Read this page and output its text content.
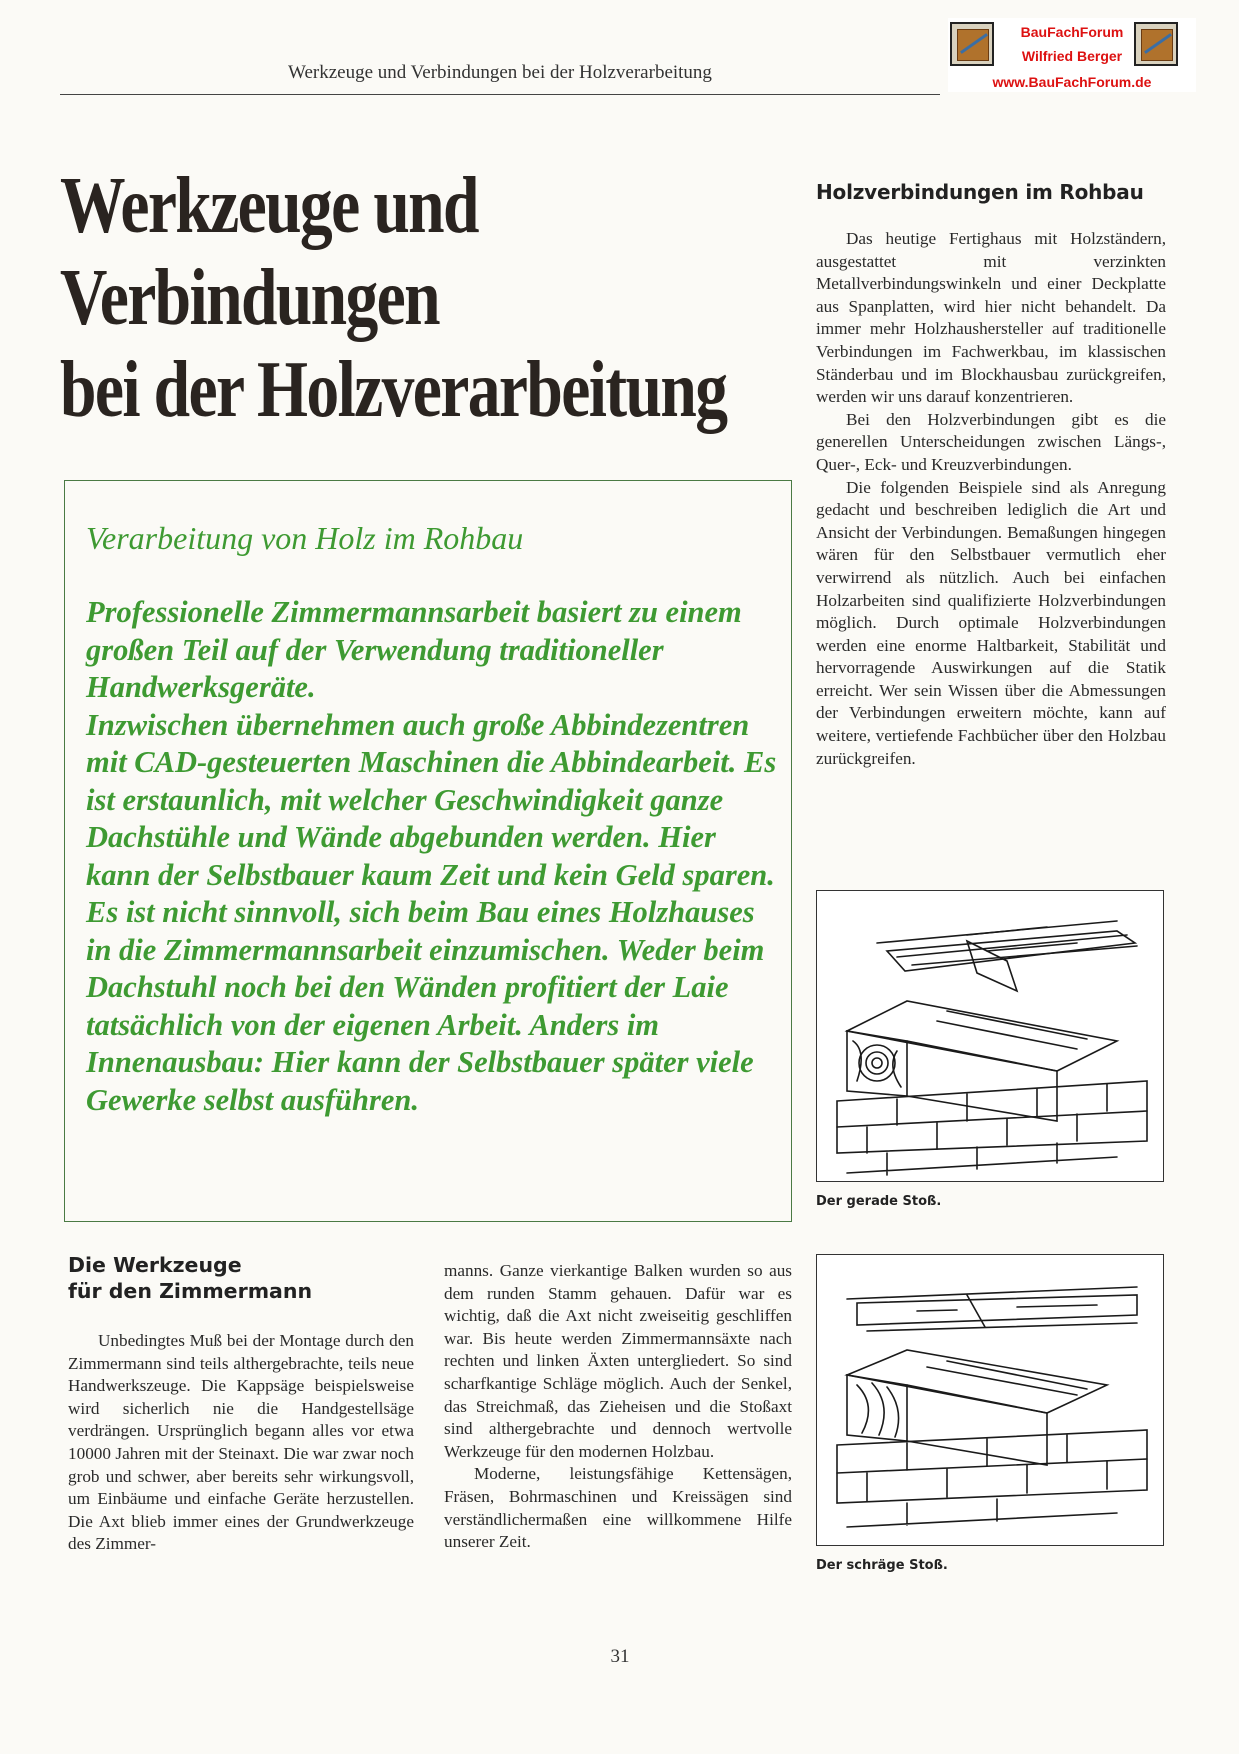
Werkzeuge und Verbindungen bei der Holzverarbeitung
BauFachForum
Wilfried Berger
www.BauFachForum.de
Werkzeuge und
Verbindungen
bei der Holzverarbeitung
Verarbeitung von Holz im Rohbau

Professionelle Zimmermannsarbeit basiert zu einem großen Teil auf der Verwendung traditioneller Handwerksgeräte.

Inzwischen übernehmen auch große Abbindezentren mit CAD-gesteuerten Maschinen die Abbindearbeit. Es ist erstaunlich, mit welcher Geschwindigkeit ganze Dachstühle und Wände abgebunden werden. Hier kann der Selbstbauer kaum Zeit und kein Geld sparen.

Es ist nicht sinnvoll, sich beim Bau eines Holzhauses in die Zimmermannsarbeit einzumischen. Weder beim Dachstuhl noch bei den Wänden profitiert der Laie tatsächlich von der eigenen Arbeit. Anders im Innenausbau: Hier kann der Selbstbauer später viele Gewerke selbst ausführen.

Holzverbindungen im Rohbau

Das heutige Fertighaus mit Holzständern, ausgestattet mit verzinkten Metallverbindungswinkeln und einer Deckplatte aus Spanplatten, wird hier nicht behandelt. Da immer mehr Holzhaushersteller auf traditionelle Verbindungen im Fachwerkbau, im klassischen Ständerbau und im Blockhausbau zurückgreifen, werden wir uns darauf konzentrieren.

Bei den Holzverbindungen gibt es die generellen Unterscheidungen zwischen Längs-, Quer-, Eck- und Kreuzverbindungen.

Die folgenden Beispiele sind als Anregung gedacht und beschreiben lediglich die Art und Ansicht der Verbindungen. Bemaßungen hingegen wären für den Selbstbauer vermutlich eher verwirrend als nützlich. Auch bei einfachen Holzarbeiten sind qualifizierte Holzverbindungen möglich. Durch optimale Holzverbindungen werden eine enorme Haltbarkeit, Stabilität und hervorragende Auswirkungen auf die Statik erreicht. Wer sein Wissen über die Abmessungen der Verbindungen erweitern möchte, kann auf weitere, vertiefende Fachbücher über den Holzbau zurückgreifen.

Der gerade Stoß.
Der schräge Stoß.
Die Werkzeuge
für den Zimmermann

Unbedingtes Muß bei der Montage durch den Zimmermann sind teils althergebrachte, teils neue Handwerkszeuge. Die Kappsäge beispielsweise wird sicherlich nie die Handgestellsäge verdrängen. Ursprünglich begann alles vor etwa 10000 Jahren mit der Steinaxt. Die war zwar noch grob und schwer, aber bereits sehr wirkungsvoll, um Einbäume und einfache Geräte herzustellen. Die Axt blieb immer eines der Grundwerkzeuge des Zimmer-

manns. Ganze vierkantige Balken wurden so aus dem runden Stamm gehauen. Dafür war es wichtig, daß die Axt nicht zweiseitig geschliffen war. Bis heute werden Zimmermannsäxte nach rechten und linken Äxten untergliedert. So sind scharfkantige Schläge möglich. Auch der Senkel, das Streichmaß, das Zieheisen und die Stoßaxt sind althergebrachte und dennoch wertvolle Werkzeuge für den modernen Holzbau.

Moderne, leistungsfähige Kettensägen, Fräsen, Bohrmaschinen und Kreissägen sind verständlichermaßen eine willkommene Hilfe unserer Zeit.

31
